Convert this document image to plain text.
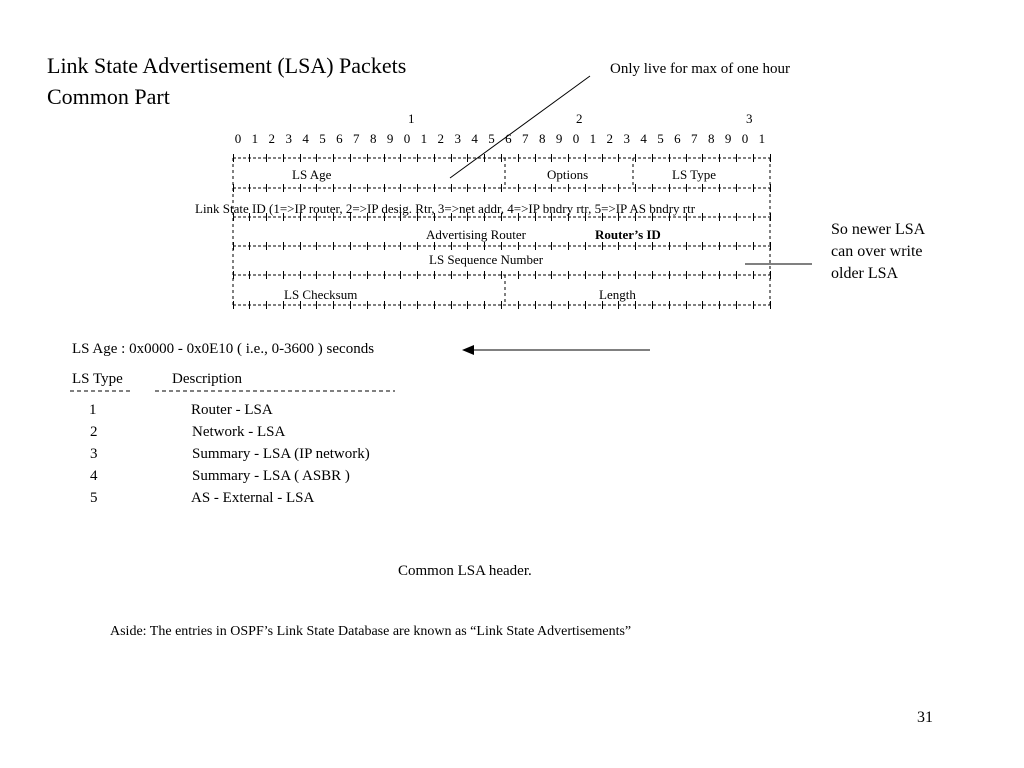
Link State Advertisement (LSA) Packets
Common Part
Only live for max of one hour
So newer LSA
can over write
older LSA
1	2	3
0 1 2 3 4 5 6 7 8 9 0 1 2 3 4 5 6 7 8 9 0 1 2 3 4 5 6 7 8 9 0 1
LS Age	Options	LS Type
Link State ID (1=>IP router, 2=>IP desig. Rtr, 3=>net addr, 4=>IP bndry rtr, 5=>IP AS bndry rtr
Advertising Router	Router’s ID
LS Sequence Number
LS Checksum	Length
LS Age : 0x0000 - 0x0E10 ( i.e., 0-3600 ) seconds
LS Type	Description
1	Router - LSA
2	Network - LSA
3	Summary - LSA (IP network)
4	Summary - LSA ( ASBR )
5	AS - External - LSA
Common LSA header.
Aside: The entries in OSPF’s Link State Database are known as “Link State Advertisements”
31
